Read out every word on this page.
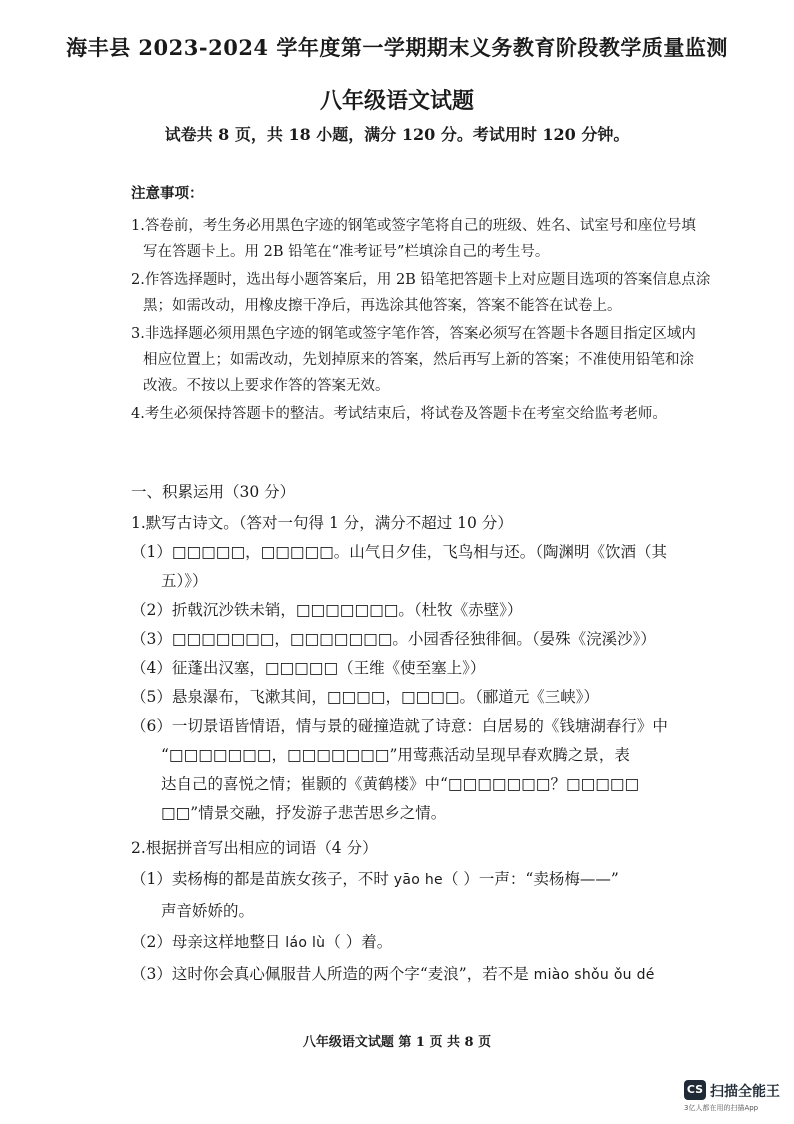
海丰县 2023-2024 学年度第一学期期末义务教育阶段教学质量监测
八年级语文试题
试卷共 8 页，共 18 小题，满分 120 分。考试用时 120 分钟。
注意事项：
1.答卷前，考生务必用黑色字迹的钢笔或签字笔将自己的班级、姓名、试室号和座位号填
写在答题卡上。用 2B 铅笔在“准考证号”栏填涂自己的考生号。
2.作答选择题时，选出每小题答案后，用 2B 铅笔把答题卡上对应题目选项的答案信息点涂
黑；如需改动，用橡皮擦干净后，再选涂其他答案，答案不能答在试卷上。
3.非选择题必须用黑色字迹的钢笔或签字笔作答，答案必须写在答题卡各题目指定区域内
相应位置上；如需改动，先划掉原来的答案，然后再写上新的答案；不准使用铅笔和涂
改液。不按以上要求作答的答案无效。
4.考生必须保持答题卡的整洁。考试结束后，将试卷及答题卡在考室交给监考老师。
一、积累运用（30 分）
1.默写古诗文。（答对一句得 1 分，满分不超过 10 分）
（1）□□□□□，□□□□□。山气日夕佳，飞鸟相与还。（陶渊明《饮酒（其
五）》）
（2）折戟沉沙铁未销，□□□□□□□。（杜牧《赤壁》）
（3）□□□□□□□，□□□□□□□。小园香径独徘徊。（晏殊《浣溪沙》）
（4）征蓬出汉塞，□□□□□（王维《使至塞上》）
（5）悬泉瀑布，飞漱其间，□□□□，□□□□。（郦道元《三峡》）
（6）一切景语皆情语，情与景的碰撞造就了诗意：白居易的《钱塘湖春行》中
“□□□□□□□，□□□□□□□”用莺燕活动呈现早春欢腾之景，表
达自己的喜悦之情；崔颢的《黄鹤楼》中“□□□□□□□？□□□□□
□□”情景交融，抒发游子悲苦思乡之情。
2.根据拼音写出相应的词语（4 分）
（1）卖杨梅的都是苗族女孩子，不时 yāo he（ ）一声：“卖杨梅——”
声音娇娇的。
（2）母亲这样地整日 láo lù（ ）着。
（3）这时你会真心佩服昔人所造的两个字“麦浪”，若不是 miào shǒu ǒu dé
八年级语文试题 第 1 页 共 8 页
CS 扫描全能王
3亿人都在用的扫描App
